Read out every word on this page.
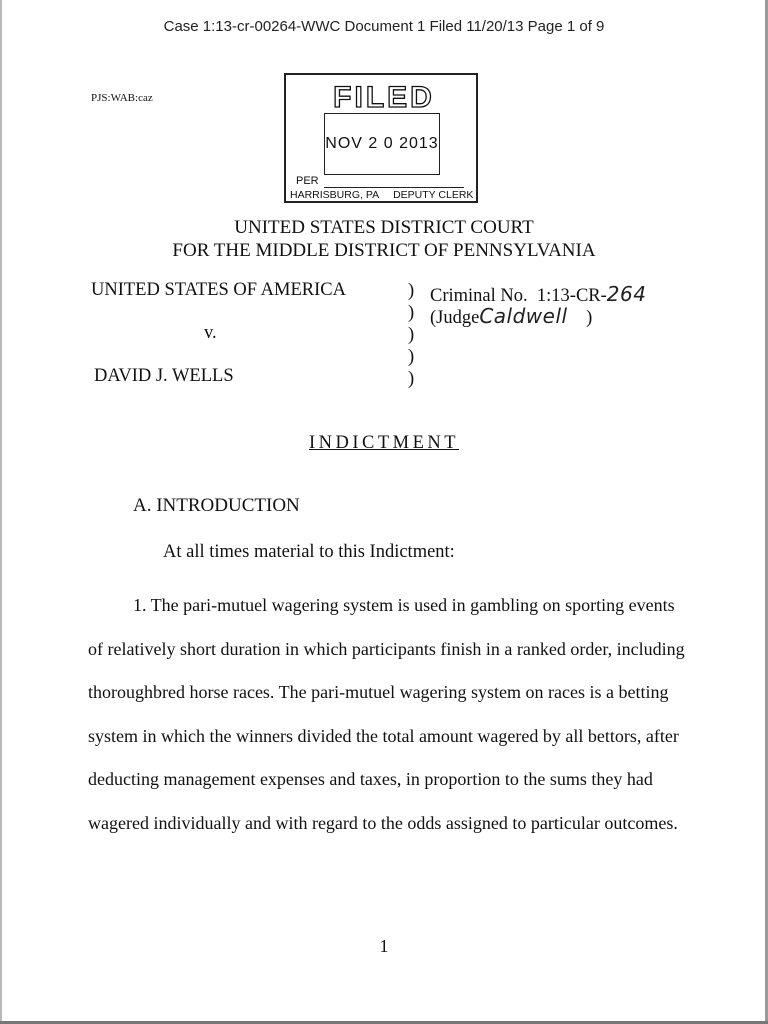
Case 1:13-cr-00264-WWC Document 1 Filed 11/20/13 Page 1 of 9
PJS:WAB:caz	FILED
NOV 2 0 2013
PER
HARRISBURG, PA DEPUTY CLERK
UNITED STATES DISTRICT COURT
FOR THE MIDDLE DISTRICT OF PENNSYLVANIA
UNITED STATES OF AMERICA
v.
DAVID J. WELLS
)
)
)
)
)
Criminal No. 1:13-CR-264
(JudgeCaldwell )
INDICTMENT
A. INTRODUCTION
At all times material to this Indictment:
1. The pari-mutuel wagering system is used in gambling on sporting events of relatively short duration in which participants finish in a ranked order, including thoroughbred horse races. The pari-mutuel wagering system on races is a betting system in which the winners divided the total amount wagered by all bettors, after deducting management expenses and taxes, in proportion to the sums they had wagered individually and with regard to the odds assigned to particular outcomes.
1
